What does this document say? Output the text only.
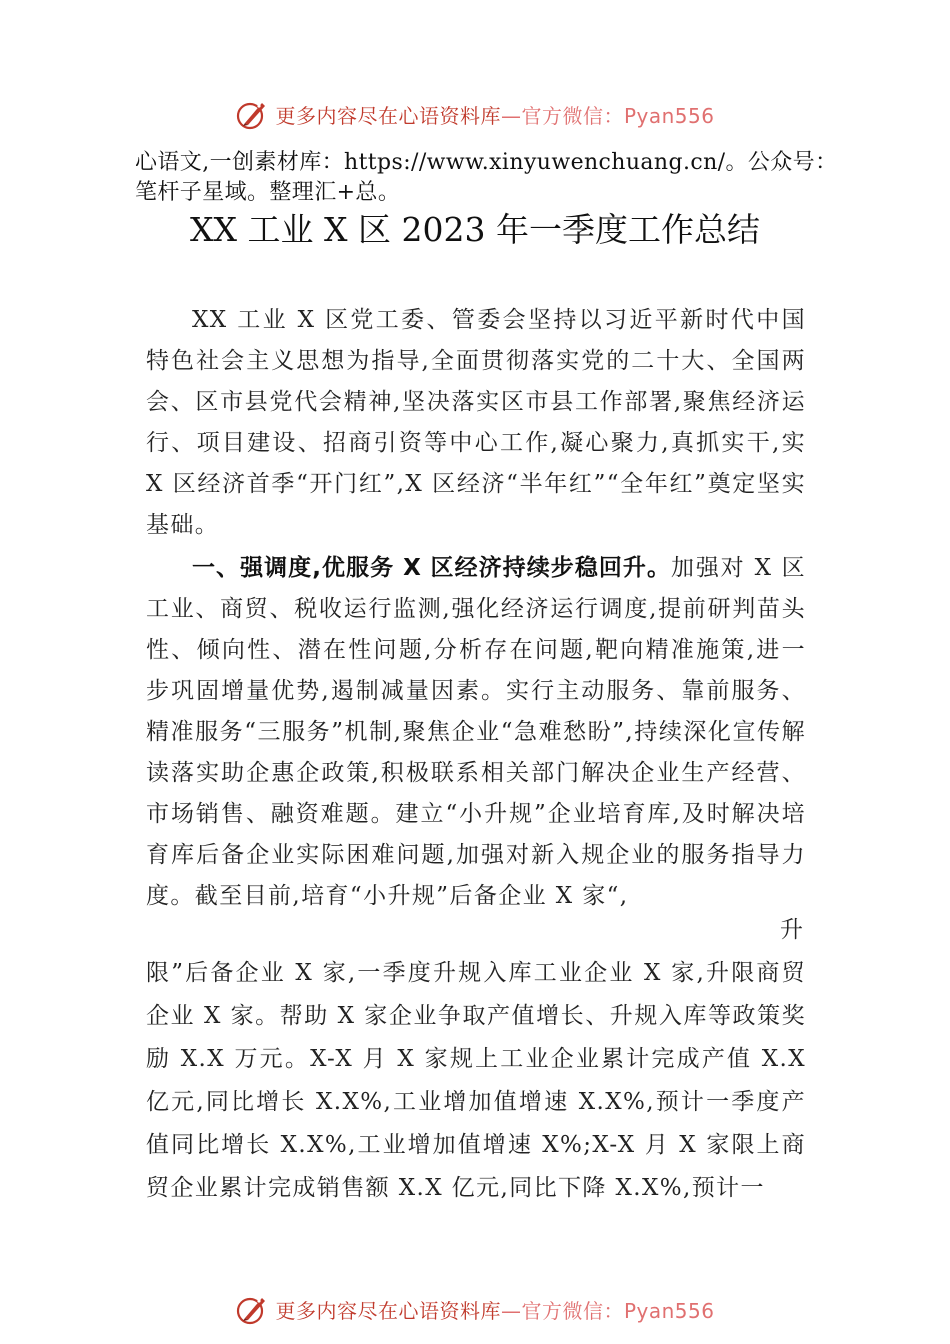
更多内容尽在心语资料库—官方微信：Pyan556
心语文,一创素材库：https://www.xinyuwenchuang.cn/。公众号：笔杆子星域。整理汇+总。
XX 工业 X 区 2023 年一季度工作总结
XX 工业 X 区党工委、管委会坚持以习近平新时代中国特色社会主义思想为指导,全面贯彻落实党的二十大、全国两会、区市县党代会精神,坚决落实区市县工作部署,聚焦经济运行、项目建设、招商引资等中心工作,凝心聚力,真抓实干,实 X 区经济首季“开门红”,X 区经济“半年红”“全年红”奠定坚实基础。
一、强调度,优服务 X 区经济持续步稳回升。加强对 X 区工业、商贸、税收运行监测,强化经济运行调度,提前研判苗头性、倾向性、潜在性问题,分析存在问题,靶向精准施策,进一步巩固增量优势,遏制减量因素。实行主动服务、靠前服务、精准服务“三服务”机制,聚焦企业“急难愁盼”,持续深化宣传解读落实助企惠企政策,积极联系相关部门解决企业生产经营、市场销售、融资难题。建立“小升规”企业培育库,及时解决培育库后备企业实际困难问题,加强对新入规企业的服务指导力度。截至目前,培育“小升规”后备企业 X 家“,
升
限”后备企业 X 家,一季度升规入库工业企业 X 家,升限商贸企业 X 家。帮助 X 家企业争取产值增长、升规入库等政策奖励 X.X 万元。X-X 月 X 家规上工业企业累计完成产值 X.X 亿元,同比增长 X.X%,工业增加值增速 X.X%,预计一季度产值同比增长 X.X%,工业增加值增速 X%;X-X 月 X 家限上商贸企业累计完成销售额 X.X 亿元,同比下降 X.X%,预计一
更多内容尽在心语资料库—官方微信：Pyan556
